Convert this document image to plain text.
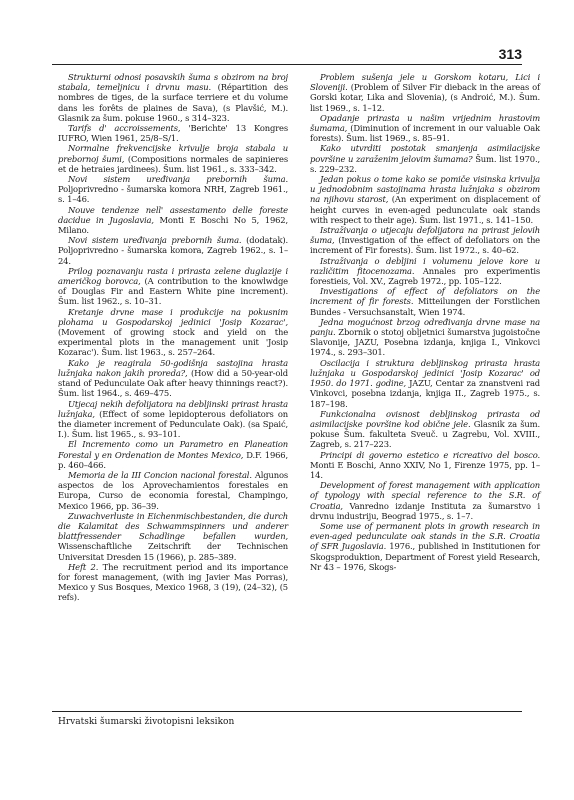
313

Strukturni odnosi posavskih šuma s obzirom na broj stabala, temeljnicu i drvnu masu. (Répartition des nombres de tiges, de la surface terriere et du volume dans les forêts de plaines de Sava), (s Plavšić, M.). Glasnik za šum. pokuse 1960., s 314–323.

Tarifs d' accroissements, 'Berichte' 13 Kongres IUFRO, Wien 1961, 25/8–S/1.

Normalne frekvencijske krivulje broja stabala u prebornoj šumi, (Compositions normales de sapinieres et de hetraies jardinees). Šum. list 1961., s. 333–342.

Novi sistem uređivanja prebornih šuma. Poljoprivredno - šumarska komora NRH, Zagreb 1961., s. 1–46.

Nouve tendenze nell' assestamento delle foreste dacidue in Jugoslavia, Monti E Boschi No 5, 1962, Milano.

Novi sistem uređivanja prebornih šuma. (dodatak). Poljoprivredno - šumarska komora, Zagreb 1962., s. 1–24.

Prilog poznavanju rasta i prirasta zelene duglazije i američkog borovca, (A contribution to the knowlwdge of Douglas Fir and Eastern White pine increment). Šum. list 1962., s. 10–31.

Kretanje drvne mase i produkcije na pokusnim plohama u Gospodarskoj jedinici 'Josip Kozarac', (Movement of growing stock and yield on the experimental plots in the management unit 'Josip Kozarac'). Šum. list 1963., s. 257–264.

Kako je reagirala 50-godišnja sastojina hrasta lužnjaka nakon jakih proreda?, (How did a 50-year-old stand of Pedunculate Oak after heavy thinnings react?). Šum. list 1964., s. 469–475.

Utjecaj nekih defolijatora na debljinski prirast hrasta lužnjaka, (Effect of some lepidopterous defoliators on the diameter increment of Pedunculate Oak). (sa Spaić, I.). Šum. list 1965., s. 93–101.

El Incremento como un Parametro en Planeation Forestal y en Ordenation de Montes Mexico, D.F. 1966, p. 460–466.

Memoria de la III Concion nacional forestal. Algunos aspectos de los Aprovechamientos forestales en Europa, Curso de economia forestal, Champingo, Mexico 1966, pp. 36–39.

Zuwachverluste in Eichenmischbestanden, die durch die Kalamitat des Schwammspinners und anderer blattfressender Schadlinge befallen wurden, Wissenschaftliche Zeitschrift der Technischen Universitat Dresden 15 (1966), p. 285–389.

Heft 2. The recruitment period and its importance for forest management, (with ing Javier Mas Porras), Mexico y Sus Bosques, Mexico 1968, 3 (19), (24–32), (5 refs).

Problem sušenja jele u Gorskom kotaru, Lici i Sloveniji. (Problem of Silver Fir dieback in the areas of Gorski kotar, Lika and Slovenia), (s Androić, M.). Šum. list 1969., s. 1–12.

Opadanje prirasta u našim vrijednim hrastovim šumama, (Diminution of increment in our valuable Oak forests). Šum. list 1969., s. 85–91.

Kako utvrditi postotak smanjenja asimilacijske površine u zaraženim jelovim šumama? Šum. list 1970., s. 229–232.

Jedan pokus o tome kako se pomiče visinska krivulja u jednodobnim sastojinama hrasta lužnjaka s obzirom na njihovu starost, (An experiment on displacement of height curves in even-aged pedunculate oak stands with respect to their age). Šum. list 1971., s. 141–150.

Istraživanja o utjecaju defolijatora na prirast jelovih šuma, (Investigation of the effect of defoliators on the increment of Fir forests). Šum. list 1972., s. 40–62.

Istraživanja o debljini i volumenu jelove kore u različitim fitocenozama. Annales pro experimentis forestieis, Vol. XV., Zagreb 1972., pp. 105–122.

Investigations of effect of defoliators on the increment of fir forests. Mitteilungen der Forstlichen Bundes - Versuchsanstalt, Wien 1974.

Jedna mogućnost brzog određivanja drvne mase na panju. Zbornik o stotoj obljetnici šumarstva jugoistočne Slavonije, JAZU, Posebna izdanja, knjiga I., Vinkovci 1974., s. 293–301.

Oscilacija i struktura debljinskog prirasta hrasta lužnjaka u Gospodarskoj jedinici 'Josip Kozarac' od 1950. do 1971. godine, JAZU, Centar za znanstveni rad Vinkovci, posebna izdanja, knjiga II., Zagreb 1975., s. 187–198.

Funkcionalna ovisnost debljinskog prirasta od asimilacijske površine kod obične jele. Glasnik za šum. pokuse Šum. fakulteta Sveuč. u Zagrebu, Vol. XVIII., Zagreb, s. 217–223.

Principi di governo estetico e ricreativo del bosco. Monti E Boschi, Anno XXIV, No 1, Firenze 1975, pp. 1–14.

Development of forest management with application of typology with special reference to the S.R. of Croatia, Vanredno izdanje Instituta za šumarstvo i drvnu industriju, Beograd 1975., s. 1–7.

Some use of permanent plots in growth research in even-aged pedunculate oak stands in the S.R. Croatia of SFR Jugoslavia. 1976., published in Institutionen for Skogsproduktion, Department of Forest yield Research, Nr 43 – 1976, Skogs-

Hrvatski šumarski životopisni leksikon
